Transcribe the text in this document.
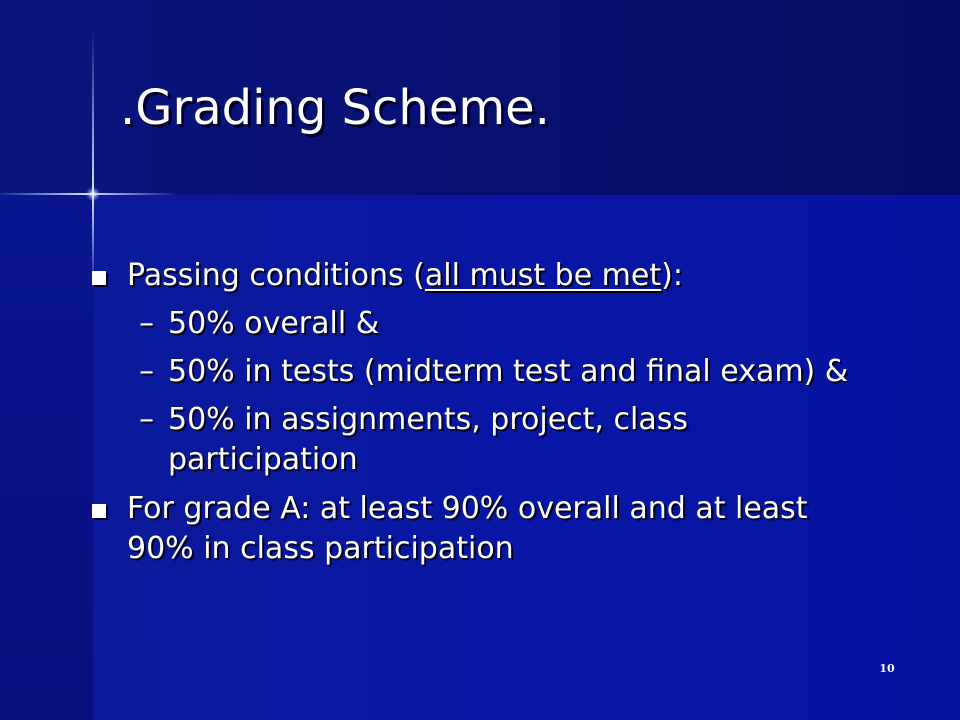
.Grading Scheme.
Passing conditions (all must be met):
– 50% overall &
– 50% in tests (midterm test and final exam) &
– 50% in assignments, project, class
participation
For grade A: at least 90% overall and at least
90% in class participation
10
